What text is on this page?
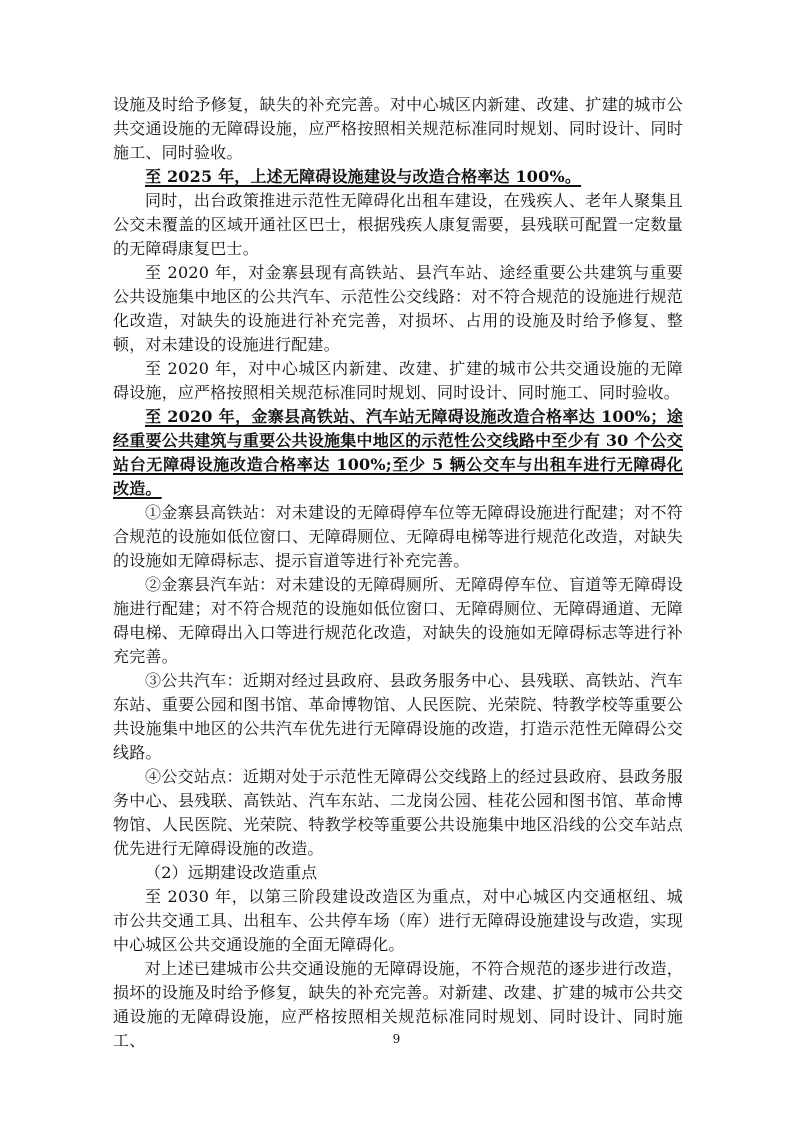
设施及时给予修复，缺失的补充完善。对中心城区内新建、改建、扩建的城市公共交通设施的无障碍设施，应严格按照相关规范标准同时规划、同时设计、同时施工、同时验收。

至 2025 年，上述无障碍设施建设与改造合格率达 100%。

同时，出台政策推进示范性无障碍化出租车建设，在残疾人、老年人聚集且公交未覆盖的区域开通社区巴士，根据残疾人康复需要，县残联可配置一定数量的无障碍康复巴士。

至 2020 年，对金寨县现有高铁站、县汽车站、途经重要公共建筑与重要公共设施集中地区的公共汽车、示范性公交线路：对不符合规范的设施进行规范化改造，对缺失的设施进行补充完善，对损坏、占用的设施及时给予修复、整顿，对未建设的设施进行配建。

至 2020 年，对中心城区内新建、改建、扩建的城市公共交通设施的无障碍设施，应严格按照相关规范标准同时规划、同时设计、同时施工、同时验收。

至 2020 年，金寨县高铁站、汽车站无障碍设施改造合格率达 100%；途经重要公共建筑与重要公共设施集中地区的示范性公交线路中至少有 30 个公交站台无障碍设施改造合格率达 100%;至少 5 辆公交车与出租车进行无障碍化改造。

①金寨县高铁站：对未建设的无障碍停车位等无障碍设施进行配建；对不符合规范的设施如低位窗口、无障碍厕位、无障碍电梯等进行规范化改造，对缺失的设施如无障碍标志、提示盲道等进行补充完善。

②金寨县汽车站：对未建设的无障碍厕所、无障碍停车位、盲道等无障碍设施进行配建；对不符合规范的设施如低位窗口、无障碍厕位、无障碍通道、无障碍电梯、无障碍出入口等进行规范化改造，对缺失的设施如无障碍标志等进行补充完善。

③公共汽车：近期对经过县政府、县政务服务中心、县残联、高铁站、汽车东站、重要公园和图书馆、革命博物馆、人民医院、光荣院、特教学校等重要公共设施集中地区的公共汽车优先进行无障碍设施的改造，打造示范性无障碍公交线路。

④公交站点：近期对处于示范性无障碍公交线路上的经过县政府、县政务服务中心、县残联、高铁站、汽车东站、二龙岗公园、桂花公园和图书馆、革命博物馆、人民医院、光荣院、特教学校等重要公共设施集中地区沿线的公交车站点优先进行无障碍设施的改造。

（2）远期建设改造重点

至 2030 年，以第三阶段建设改造区为重点，对中心城区内交通枢纽、城市公共交通工具、出租车、公共停车场（库）进行无障碍设施建设与改造，实现中心城区公共交通设施的全面无障碍化。

对上述已建城市公共交通设施的无障碍设施，不符合规范的逐步进行改造，损坏的设施及时给予修复，缺失的补充完善。对新建、改建、扩建的城市公共交通设施的无障碍设施，应严格按照相关规范标准同时规划、同时设计、同时施工、	9
